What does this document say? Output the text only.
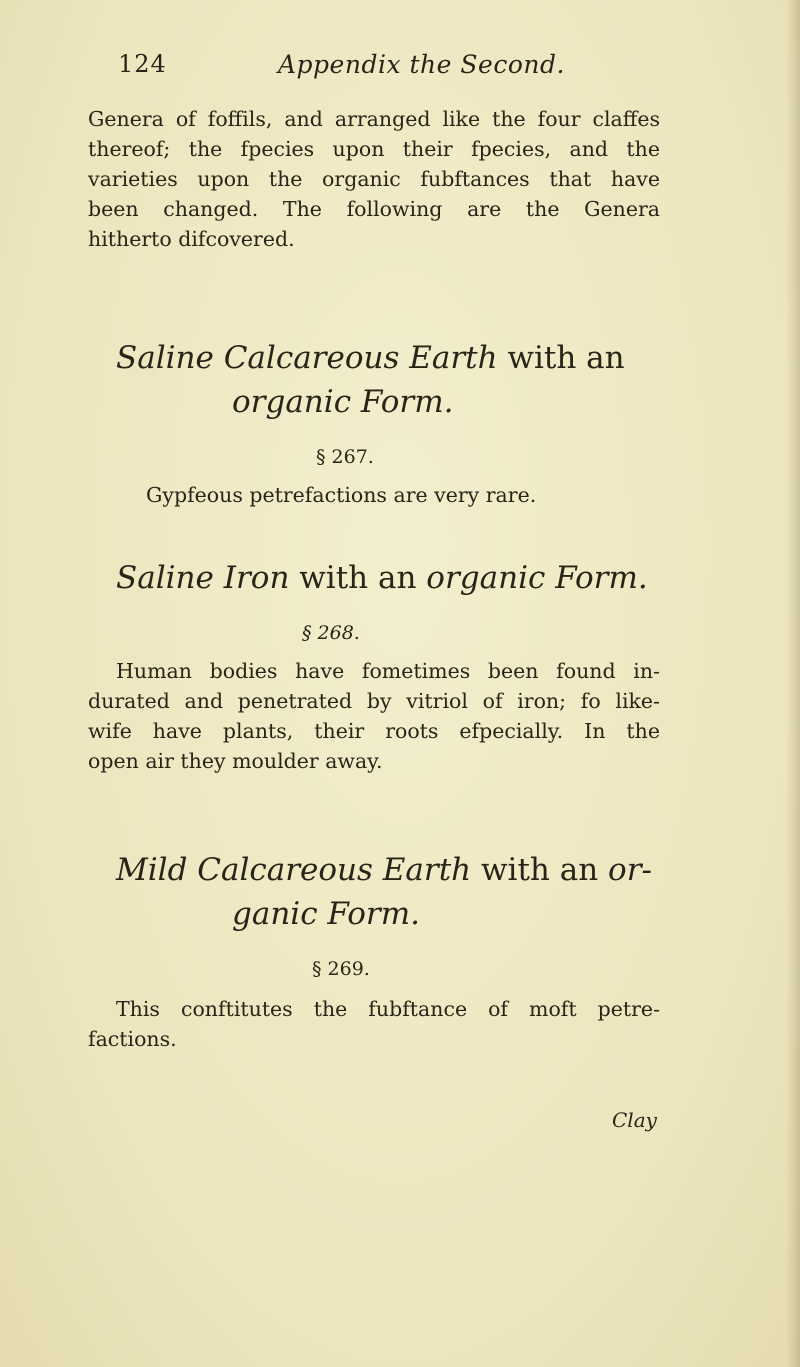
124	Appendix the Second.
Genera of foffils, and arranged like the four claffes
thereof; the fpecies upon their fpecies, and the
varieties upon the organic fubftances that have
been changed. The following are the Genera
hitherto difcovered.
Saline Calcareous Earth with an
organic Form.
§ 267.
Gypfeous petrefactions are very rare.
Saline Iron with an organic Form.
§ 268.
Human bodies have fometimes been found in-
durated and penetrated by vitriol of iron; fo like-
wife have plants, their roots efpecially. In the
open air they moulder away.
Mild Calcareous Earth with an or-
ganic Form.
§ 269.
This conftitutes the fubftance of moft petre-
factions.
Clay
